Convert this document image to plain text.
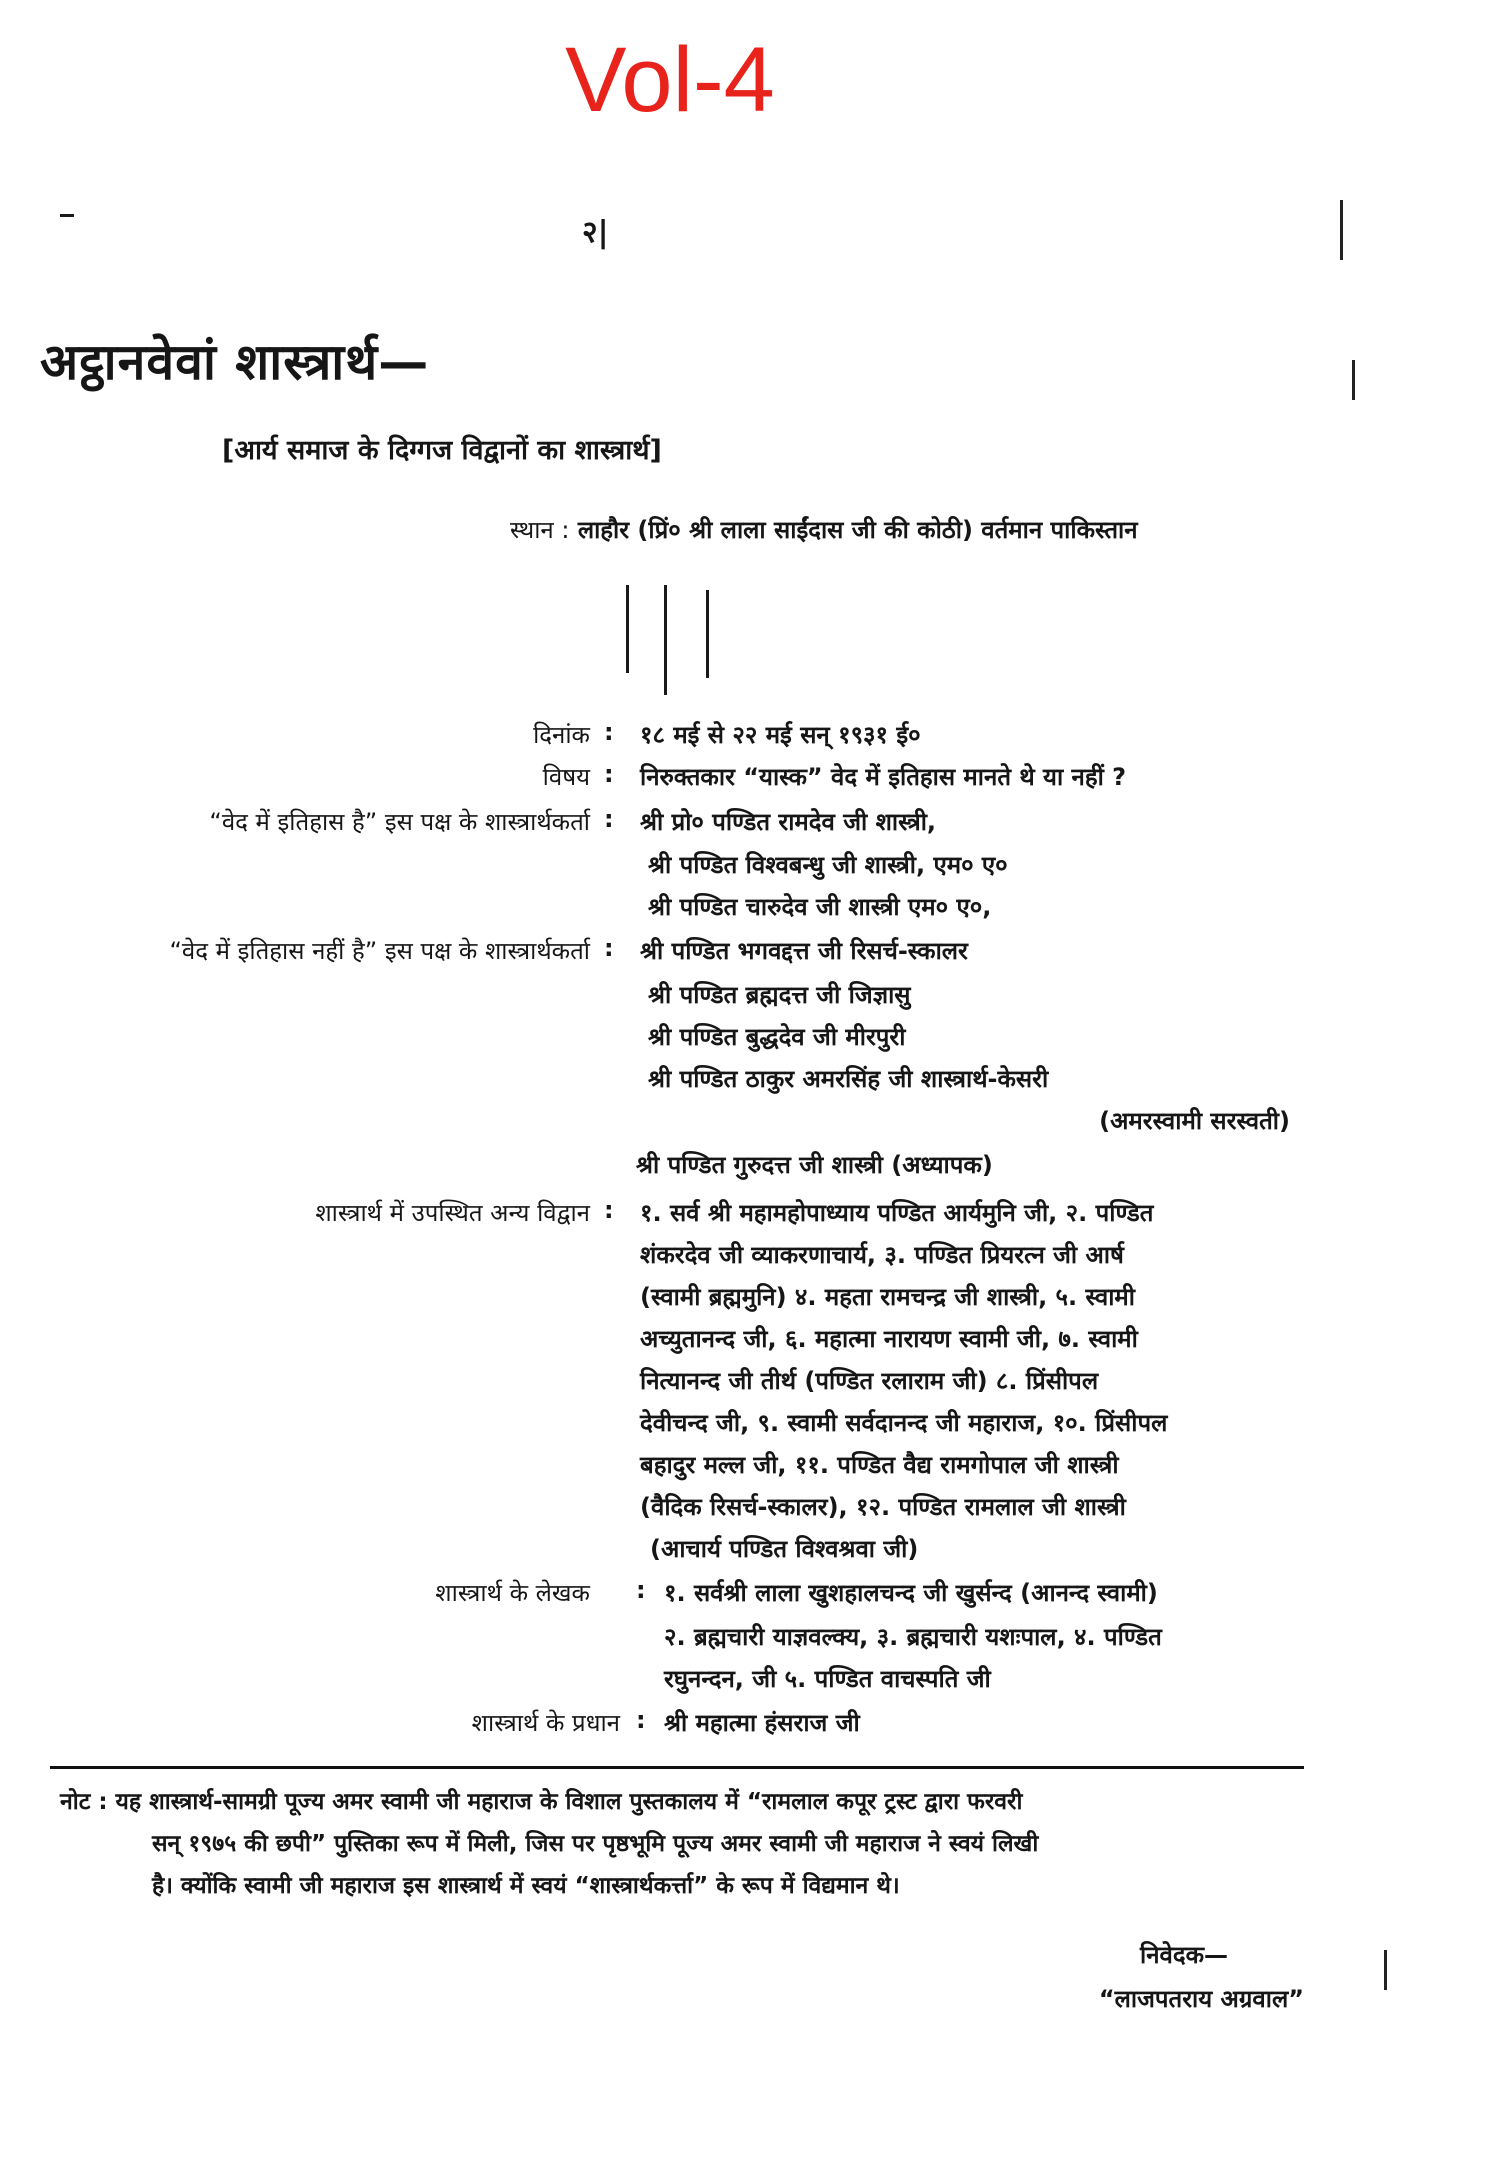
Vol-4
२|
अट्ठानवेवां शास्त्रार्थ—
[आर्य समाज के दिग्गज विद्वानों का शास्त्रार्थ]
स्थान : लाहौर (प्रिं० श्री लाला साईंदास जी की कोठी) वर्तमान पाकिस्तान
दिनांक : १८ मई से २२ मई सन् १९३१ ई०
विषय : निरुक्तकार “यास्क” वेद में इतिहास मानते थे या नहीं ?
“वेद में इतिहास है” इस पक्ष के शास्त्रार्थकर्ता : श्री प्रो० पण्डित रामदेव जी शास्त्री,
श्री पण्डित विश्वबन्धु जी शास्त्री, एम० ए०
श्री पण्डित चारुदेव जी शास्त्री एम० ए०,
“वेद में इतिहास नहीं है” इस पक्ष के शास्त्रार्थकर्ता : श्री पण्डित भगवद्दत्त जी रिसर्च-स्कालर
श्री पण्डित ब्रह्मदत्त जी जिज्ञासु
श्री पण्डित बुद्धदेव जी मीरपुरी
श्री पण्डित ठाकुर अमरसिंह जी शास्त्रार्थ-केसरी
(अमरस्वामी सरस्वती)
श्री पण्डित गुरुदत्त जी शास्त्री (अध्यापक)
शास्त्रार्थ में उपस्थित अन्य विद्वान : १. सर्व श्री महामहोपाध्याय पण्डित आर्यमुनि जी, २. पण्डित
शंकरदेव जी व्याकरणाचार्य, ३. पण्डित प्रियरत्न जी आर्ष
(स्वामी ब्रह्ममुनि) ४. महता रामचन्द्र जी शास्त्री, ५. स्वामी
अच्युतानन्द जी, ६. महात्मा नारायण स्वामी जी, ७. स्वामी
नित्यानन्द जी तीर्थ (पण्डित रलाराम जी) ८. प्रिंसीपल
देवीचन्द जी, ९. स्वामी सर्वदानन्द जी महाराज, १०. प्रिंसीपल
बहादुर मल्ल जी, ११. पण्डित वैद्य रामगोपाल जी शास्त्री
(वैदिक रिसर्च-स्कालर), १२. पण्डित रामलाल जी शास्त्री
(आचार्य पण्डित विश्वश्रवा जी)
शास्त्रार्थ के लेखक : १. सर्वश्री लाला खुशहालचन्द जी खुर्सन्द (आनन्द स्वामी)
२. ब्रह्मचारी याज्ञवल्क्य, ३. ब्रह्मचारी यशःपाल, ४. पण्डित
रघुनन्दन, जी ५. पण्डित वाचस्पति जी
शास्त्रार्थ के प्रधान : श्री महात्मा हंसराज जी
नोट : यह शास्त्रार्थ-सामग्री पूज्य अमर स्वामी जी महाराज के विशाल पुस्तकालय में “रामलाल कपूर ट्रस्ट द्वारा फरवरी
सन् १९७५ की छपी” पुस्तिका रूप में मिली, जिस पर पृष्ठभूमि पूज्य अमर स्वामी जी महाराज ने स्वयं लिखी
है। क्योंकि स्वामी जी महाराज इस शास्त्रार्थ में स्वयं “शास्त्रार्थकर्त्ता” के रूप में विद्यमान थे।
निवेदक—
“लाजपतराय अग्रवाल”
